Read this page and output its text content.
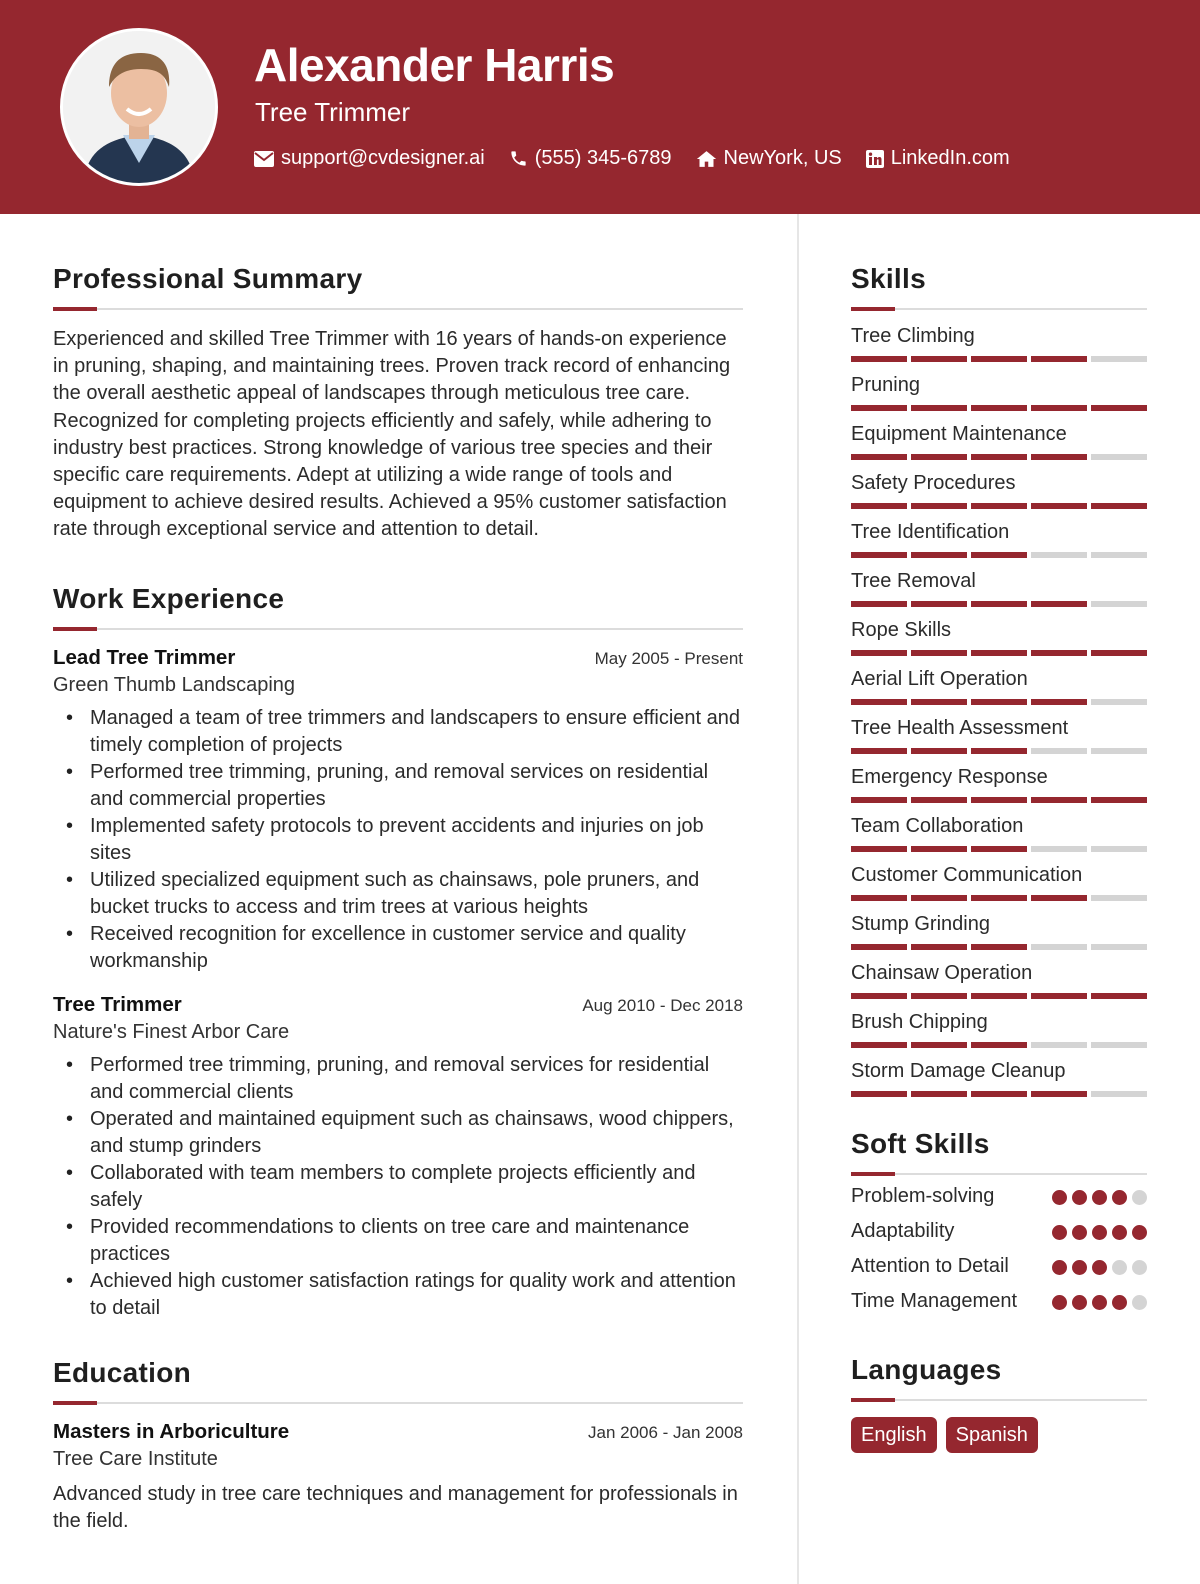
Alexander Harris
Tree Trimmer
support@cvdesigner.ai	(555) 345-6789	NewYork, US LinkedIn.com
Professional Summary

Experienced and skilled Tree Trimmer with 16 years of hands-on experience in pruning, shaping, and maintaining trees. Proven track record of enhancing the overall aesthetic appeal of landscapes through meticulous tree care. Recognized for completing projects efficiently and safely, while adhering to industry best practices. Strong knowledge of various tree species and their specific care requirements. Adept at utilizing a wide range of tools and equipment to achieve desired results. Achieved a 95% customer satisfaction rate through exceptional service and attention to detail.

Work Experience
Lead Tree Trimmer	May 2005 - Present
Green Thumb Landscaping
• Managed a team of tree trimmers and landscapers to ensure efficient and timely completion of projects
• Performed tree trimming, pruning, and removal services on residential and commercial properties
• Implemented safety protocols to prevent accidents and injuries on job sites
• Utilized specialized equipment such as chainsaws, pole pruners, and bucket trucks to access and trim trees at various heights
• Received recognition for excellence in customer service and quality workmanship
Tree Trimmer	Aug 2010 - Dec 2018
Nature's Finest Arbor Care
• Performed tree trimming, pruning, and removal services for residential and commercial clients
• Operated and maintained equipment such as chainsaws, wood chippers, and stump grinders
• Collaborated with team members to complete projects efficiently and safely
• Provided recommendations to clients on tree care and maintenance practices
• Achieved high customer satisfaction ratings for quality work and attention to detail
Education
Masters in Arboriculture	Jan 2006 - Jan 2008
Tree Care Institute

Advanced study in tree care techniques and management for professionals in the field.

Skills
Tree Climbing
Pruning
Equipment Maintenance
Safety Procedures
Tree Identification
Tree Removal
Rope Skills
Aerial Lift Operation
Tree Health Assessment
Emergency Response
Team Collaboration
Customer Communication
Stump Grinding
Chainsaw Operation
Brush Chipping
Storm Damage Cleanup
Soft Skills
Problem-solving
Adaptability
Attention to Detail
Time Management
Languages
English	Spanish
